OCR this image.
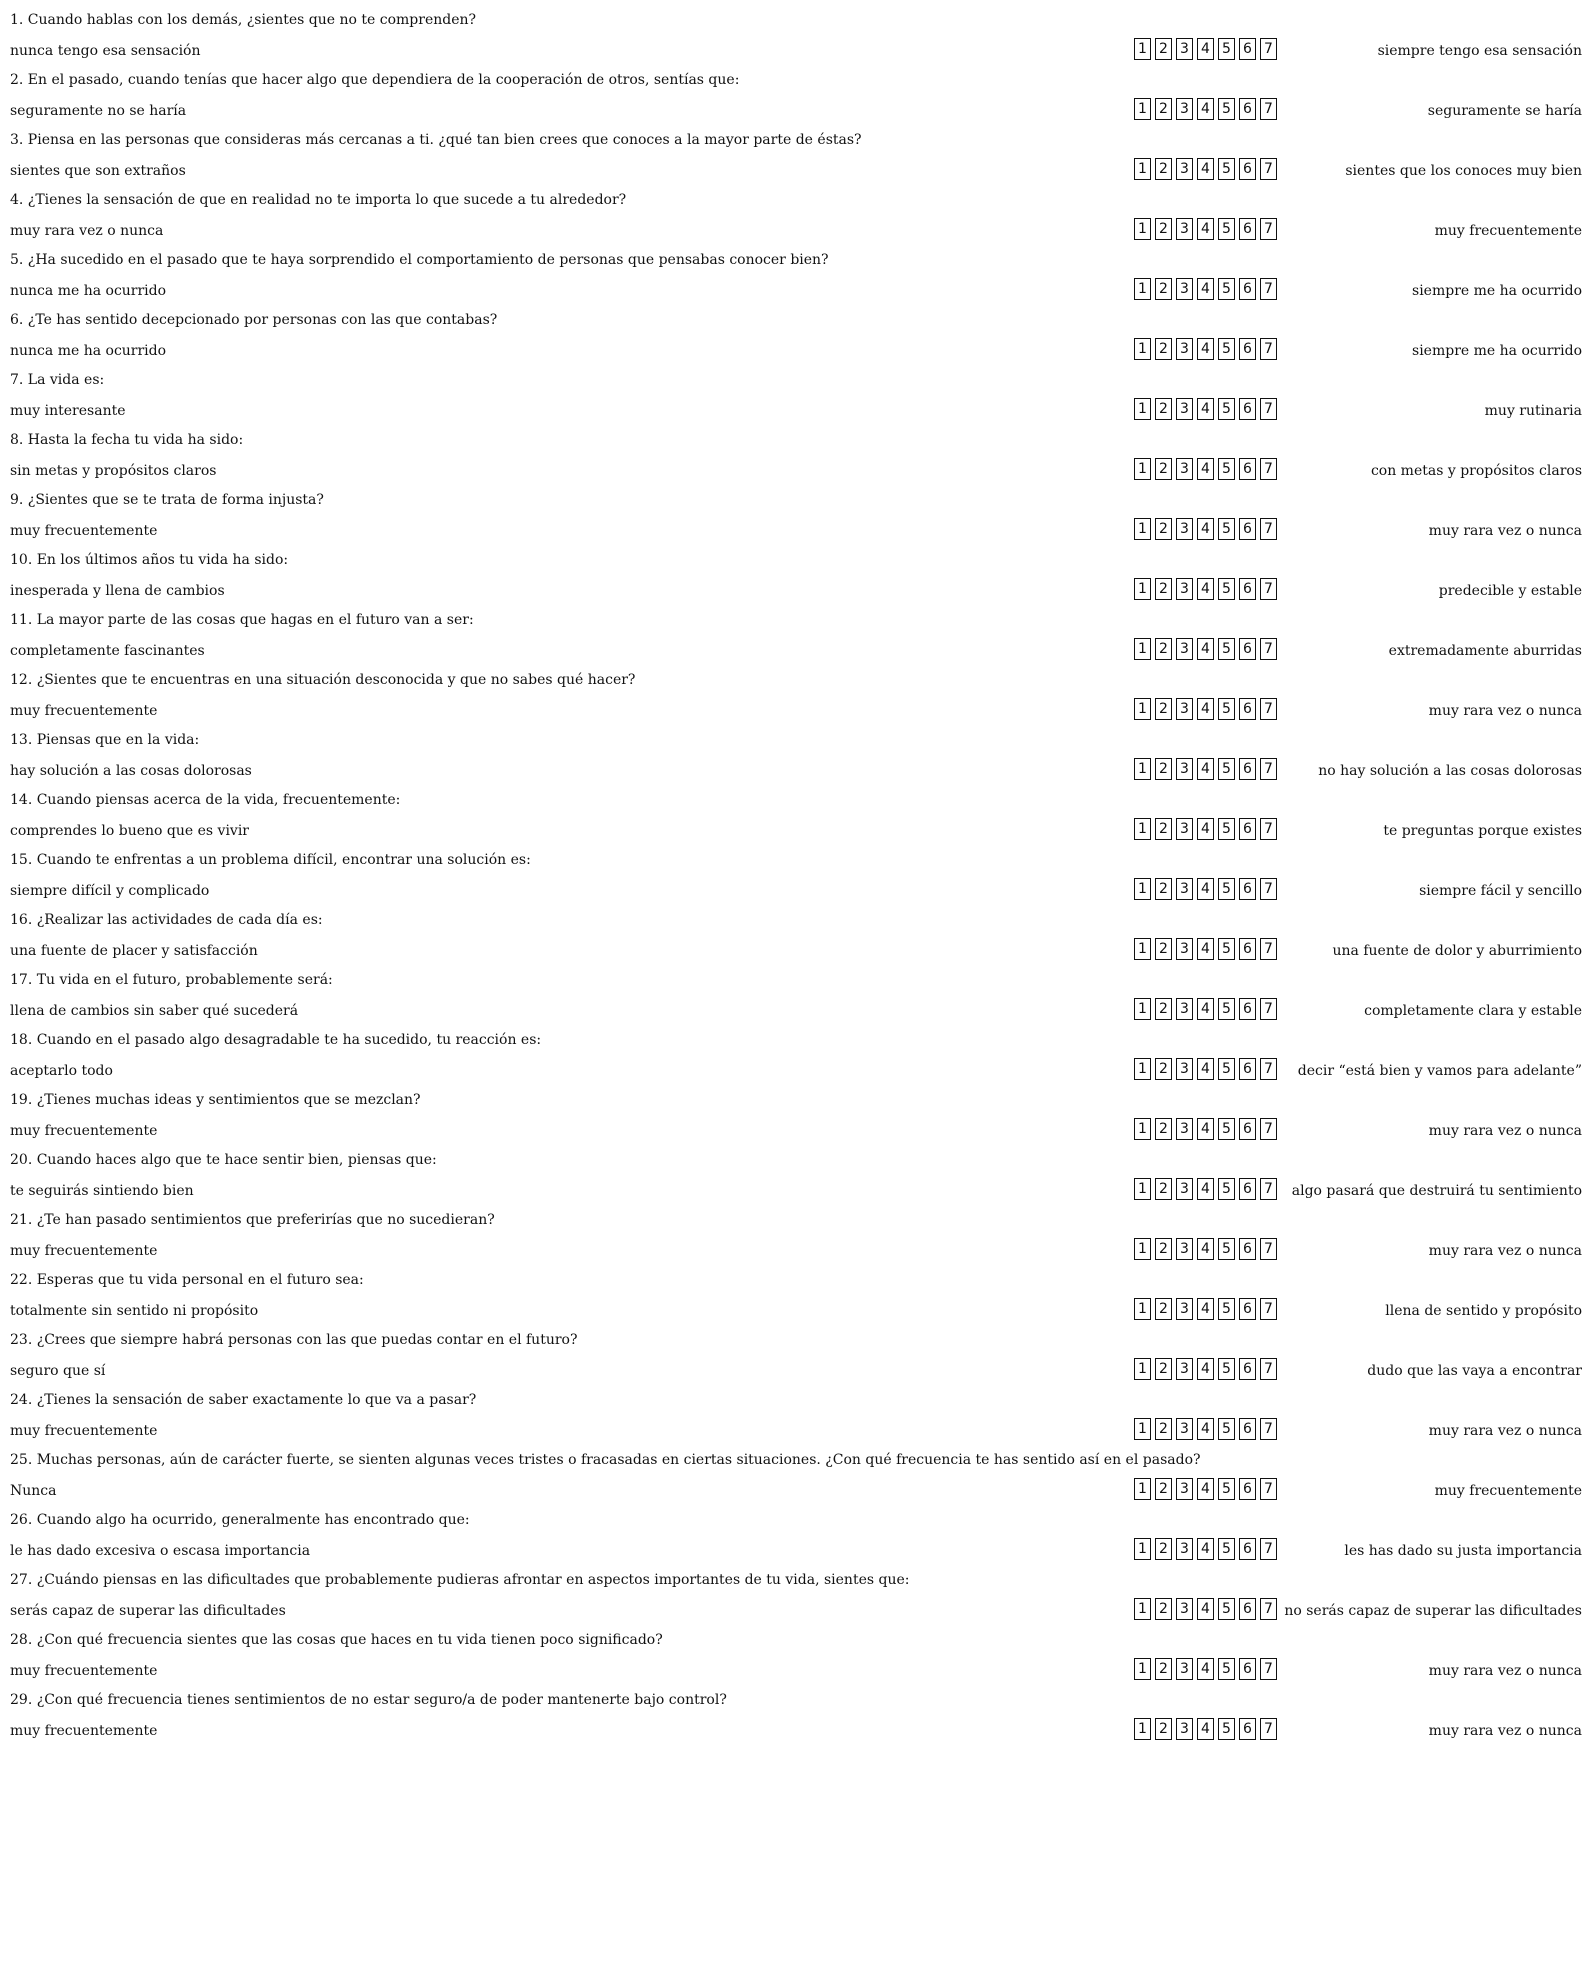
1. Cuando hablas con los demás, ¿sientes que no te comprenden?
nunca tengo esa sensación	1 2 3 4 5 6 7	siempre tengo esa sensación
2. En el pasado, cuando tenías que hacer algo que dependiera de la cooperación de otros, sentías que:
seguramente no se haría	1 2 3 4 5 6 7	seguramente se haría
3. Piensa en las personas que consideras más cercanas a ti. ¿qué tan bien crees que conoces a la mayor parte de éstas?
sientes que son extraños	1 2 3 4 5 6 7	sientes que los conoces muy bien
4. ¿Tienes la sensación de que en realidad no te importa lo que sucede a tu alrededor?
muy rara vez o nunca	1 2 3 4 5 6 7	muy frecuentemente
5. ¿Ha sucedido en el pasado que te haya sorprendido el comportamiento de personas que pensabas conocer bien?
nunca me ha ocurrido	1 2 3 4 5 6 7	siempre me ha ocurrido
6. ¿Te has sentido decepcionado por personas con las que contabas?
nunca me ha ocurrido	1 2 3 4 5 6 7	siempre me ha ocurrido
7. La vida es:
muy interesante	1 2 3 4 5 6 7	muy rutinaria
8. Hasta la fecha tu vida ha sido:
sin metas y propósitos claros	1 2 3 4 5 6 7	con metas y propósitos claros
9. ¿Sientes que se te trata de forma injusta?
muy frecuentemente	1 2 3 4 5 6 7	muy rara vez o nunca
10. En los últimos años tu vida ha sido:
inesperada y llena de cambios	1 2 3 4 5 6 7	predecible y estable
11. La mayor parte de las cosas que hagas en el futuro van a ser:
completamente fascinantes	1 2 3 4 5 6 7	extremadamente aburridas
12. ¿Sientes que te encuentras en una situación desconocida y que no sabes qué hacer?
muy frecuentemente	1 2 3 4 5 6 7	muy rara vez o nunca
13. Piensas que en la vida:
hay solución a las cosas dolorosas	1 2 3 4 5 6 7	no hay solución a las cosas dolorosas
14. Cuando piensas acerca de la vida, frecuentemente:
comprendes lo bueno que es vivir	1 2 3 4 5 6 7	te preguntas porque existes
15. Cuando te enfrentas a un problema difícil, encontrar una solución es:
siempre difícil y complicado	1 2 3 4 5 6 7	siempre fácil y sencillo
16. ¿Realizar las actividades de cada día es:
una fuente de placer y satisfacción	1 2 3 4 5 6 7	una fuente de dolor y aburrimiento
17. Tu vida en el futuro, probablemente será:
llena de cambios sin saber qué sucederá	1 2 3 4 5 6 7	completamente clara y estable
18. Cuando en el pasado algo desagradable te ha sucedido, tu reacción es:
aceptarlo todo	1 2 3 4 5 6 7 decir “está bien y vamos para adelante”
19. ¿Tienes muchas ideas y sentimientos que se mezclan?
muy frecuentemente	1 2 3 4 5 6 7	muy rara vez o nunca
20. Cuando haces algo que te hace sentir bien, piensas que:
te seguirás sintiendo bien	1 2 3 4 5 6 7 algo pasará que destruirá tu sentimiento
21. ¿Te han pasado sentimientos que preferirías que no sucedieran?
muy frecuentemente	1 2 3 4 5 6 7	muy rara vez o nunca
22. Esperas que tu vida personal en el futuro sea:
totalmente sin sentido ni propósito	1 2 3 4 5 6 7	llena de sentido y propósito
23. ¿Crees que siempre habrá personas con las que puedas contar en el futuro?
seguro que sí	1 2 3 4 5 6 7	dudo que las vaya a encontrar
24. ¿Tienes la sensación de saber exactamente lo que va a pasar?
muy frecuentemente	1 2 3 4 5 6 7	muy rara vez o nunca
25. Muchas personas, aún de carácter fuerte, se sienten algunas veces tristes o fracasadas en ciertas situaciones. ¿Con qué frecuencia te has sentido así en el pasado?
Nunca	1 2 3 4 5 6 7	muy frecuentemente
26. Cuando algo ha ocurrido, generalmente has encontrado que:
le has dado excesiva o escasa importancia	1 2 3 4 5 6 7	les has dado su justa importancia
27. ¿Cuándo piensas en las dificultades que probablemente pudieras afrontar en aspectos importantes de tu vida, sientes que:
serás capaz de superar las dificultades	1 2 3 4 5 6 7 no serás capaz de superar las dificultades
28. ¿Con qué frecuencia sientes que las cosas que haces en tu vida tienen poco significado?
muy frecuentemente	1 2 3 4 5 6 7	muy rara vez o nunca
29. ¿Con qué frecuencia tienes sentimientos de no estar seguro/a de poder mantenerte bajo control?
muy frecuentemente	1 2 3 4 5 6 7	muy rara vez o nunca
